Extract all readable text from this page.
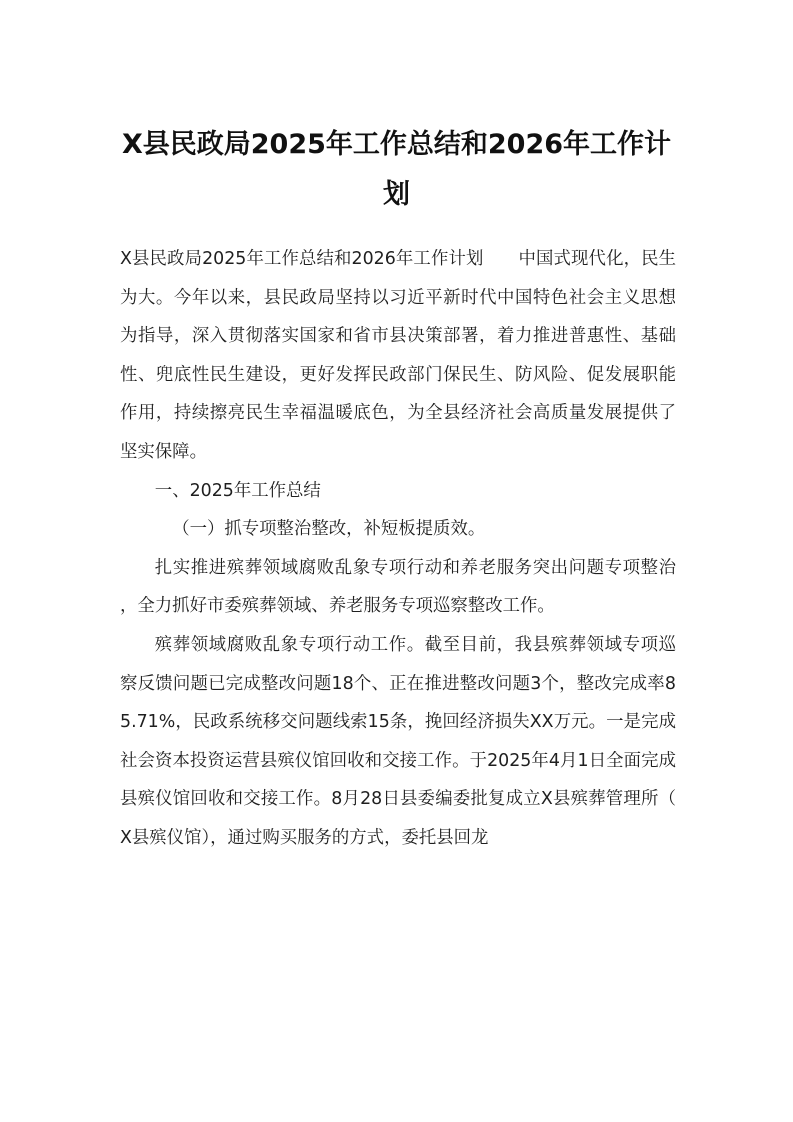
X县民政局2025年工作总结和2026年工作计划

X县民政局2025年工作总结和2026年工作计划　　中国式现代化，民生为大。今年以来，县民政局坚持以习近平新时代中国特色社会主义思想为指导，深入贯彻落实国家和省市县决策部署，着力推进普惠性、基础性、兜底性民生建设，更好发挥民政部门保民生、防风险、促发展职能作用，持续擦亮民生幸福温暖底色，为全县经济社会高质量发展提供了坚实保障。

一、2025年工作总结

（一）抓专项整治整改，补短板提质效。

扎实推进殡葬领域腐败乱象专项行动和养老服务突出问题专项整治，全力抓好市委殡葬领域、养老服务专项巡察整改工作。

殡葬领域腐败乱象专项行动工作。截至目前，我县殡葬领域专项巡察反馈问题已完成整改问题18个、正在推进整改问题3个，整改完成率85.71%，民政系统移交问题线索15条，挽回经济损失XX万元。一是完成社会资本投资运营县殡仪馆回收和交接工作。于2025年4月1日全面完成县殡仪馆回收和交接工作。8月28日县委编委批复成立X县殡葬管理所（X县殡仪馆），通过购买服务的方式，委托县回龙
